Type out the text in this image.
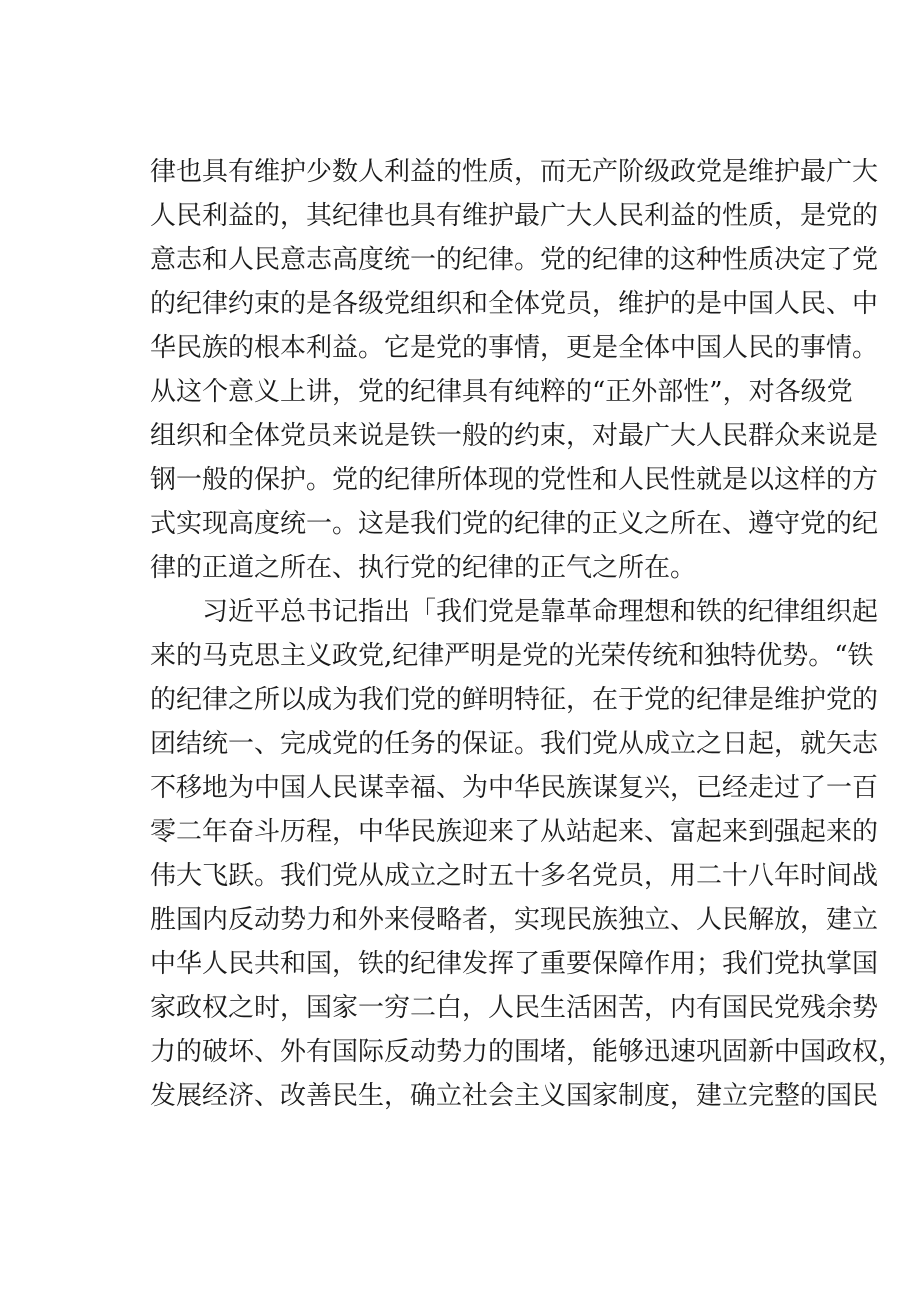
律也具有维护少数人利益的性质，而无产阶级政党是维护最广大
人民利益的，其纪律也具有维护最广大人民利益的性质，是党的
意志和人民意志高度统一的纪律。党的纪律的这种性质决定了党
的纪律约束的是各级党组织和全体党员，维护的是中国人民、中
华民族的根本利益。它是党的事情，更是全体中国人民的事情。
从这个意义上讲，党的纪律具有纯粹的“正外部性”，对各级党
组织和全体党员来说是铁一般的约束，对最广大人民群众来说是
钢一般的保护。党的纪律所体现的党性和人民性就是以这样的方
式实现高度统一。这是我们党的纪律的正义之所在、遵守党的纪
律的正道之所在、执行党的纪律的正气之所在。
习近平总书记指出「我们党是靠革命理想和铁的纪律组织起
来的马克思主义政党,纪律严明是党的光荣传统和独特优势。“铁
的纪律之所以成为我们党的鲜明特征，在于党的纪律是维护党的
团结统一、完成党的任务的保证。我们党从成立之日起，就矢志
不移地为中国人民谋幸福、为中华民族谋复兴，已经走过了一百
零二年奋斗历程，中华民族迎来了从站起来、富起来到强起来的
伟大飞跃。我们党从成立之时五十多名党员，用二十八年时间战
胜国内反动势力和外来侵略者，实现民族独立、人民解放，建立
中华人民共和国，铁的纪律发挥了重要保障作用；我们党执掌国
家政权之时，国家一穷二白，人民生活困苦，内有国民党残余势
力的破坏、外有国际反动势力的围堵，能够迅速巩固新中国政权，
发展经济、改善民生，确立社会主义国家制度，建立完整的国民
